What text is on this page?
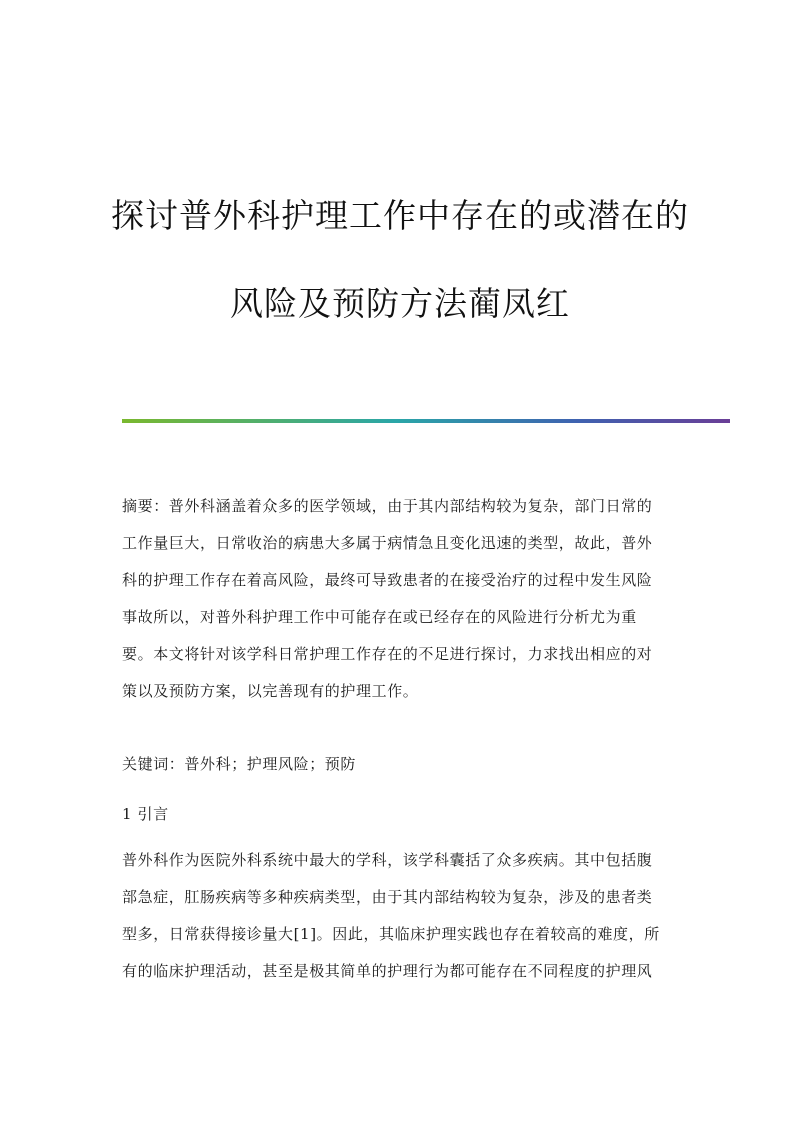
探讨普外科护理工作中存在的或潜在的
风险及预防方法蔺凤红
摘要：普外科涵盖着众多的医学领域，由于其内部结构较为复杂，部门日常的
工作量巨大，日常收治的病患大多属于病情急且变化迅速的类型，故此，普外
科的护理工作存在着高风险，最终可导致患者的在接受治疗的过程中发生风险
事故所以，对普外科护理工作中可能存在或已经存在的风险进行分析尤为重
要。本文将针对该学科日常护理工作存在的不足进行探讨，力求找出相应的对
策以及预防方案，以完善现有的护理工作。
关键词：普外科；护理风险；预防
1 引言
普外科作为医院外科系统中最大的学科，该学科囊括了众多疾病。其中包括腹
部急症，肛肠疾病等多种疾病类型，由于其内部结构较为复杂，涉及的患者类
型多，日常获得接诊量大[1]。因此，其临床护理实践也存在着较高的难度，所
有的临床护理活动，甚至是极其简单的护理行为都可能存在不同程度的护理风
